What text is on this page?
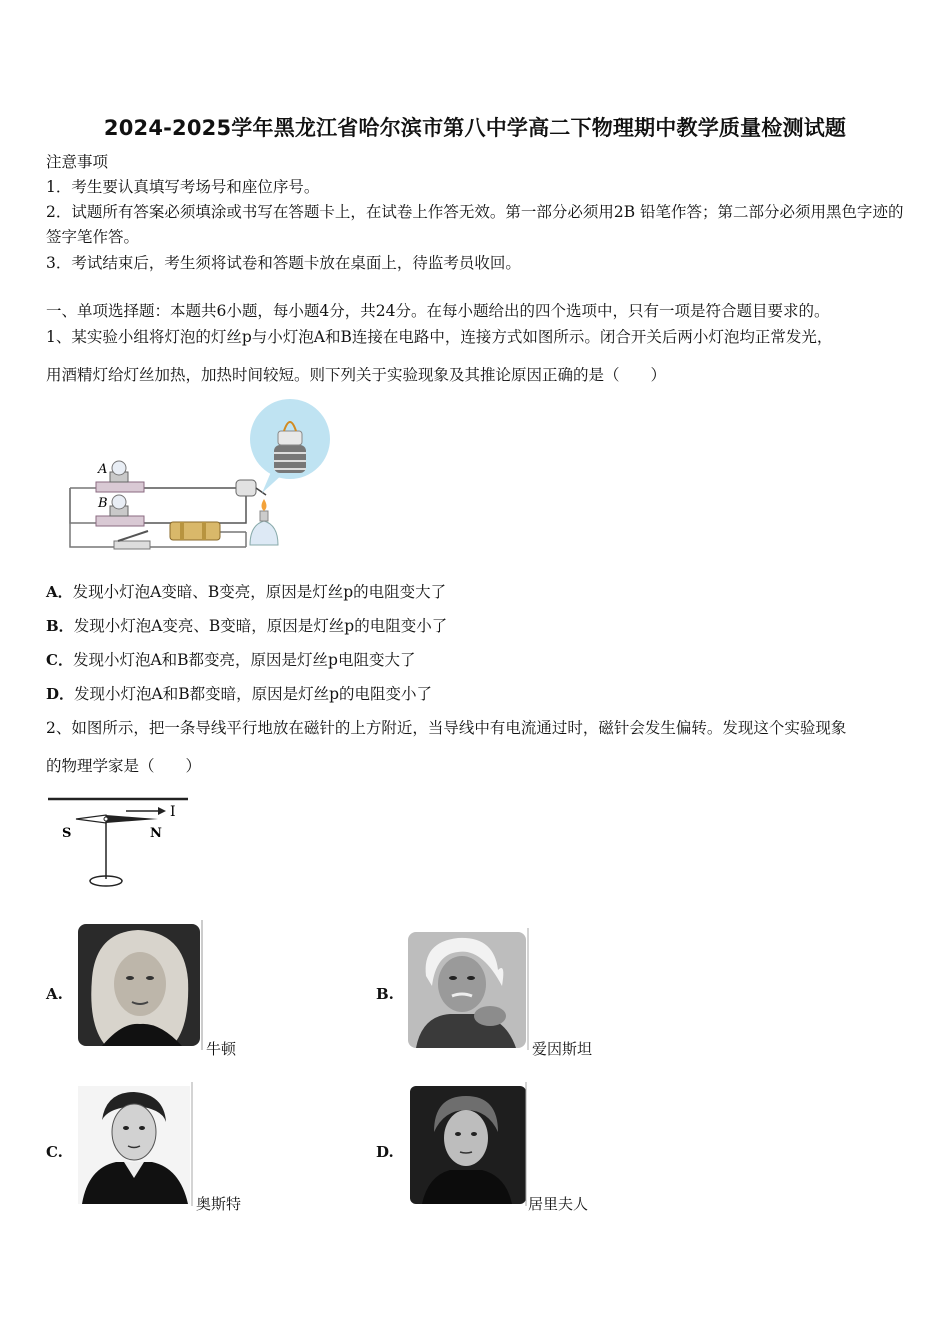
2024-2025学年黑龙江省哈尔滨市第八中学高二下物理期中教学质量检测试题
注意事项
1．考生要认真填写考场号和座位序号。
2．试题所有答案必须填涂或书写在答题卡上，在试卷上作答无效。第一部分必须用2B 铅笔作答；第二部分必须用黑色字迹的签字笔作答。
3．考试结束后，考生须将试卷和答题卡放在桌面上，待监考员收回。
一、单项选择题：本题共6小题，每小题4分，共24分。在每小题给出的四个选项中，只有一项是符合题目要求的。
1、某实验小组将灯泡的灯丝p与小灯泡A和B连接在电路中，连接方式如图所示。闭合开关后两小灯泡均正常发光，
用酒精灯给灯丝加热，加热时间较短。则下列关于实验现象及其推论原因正确的是（　　）
A
B
A．发现小灯泡A变暗、B变亮，原因是灯丝p的电阻变大了
B．发现小灯泡A变亮、B变暗，原因是灯丝p的电阻变小了
C．发现小灯泡A和B都变亮，原因是灯丝p电阻变大了
D．发现小灯泡A和B都变暗，原因是灯丝p的电阻变小了
2、如图所示，把一条导线平行地放在磁针的上方附近，当导线中有电流通过时，磁针会发生偏转。发现这个实验现象
的物理学家是（　　）
I
S	N
A.
牛顿
B.
爱因斯坦
C.
奥斯特
D.
居里夫人
